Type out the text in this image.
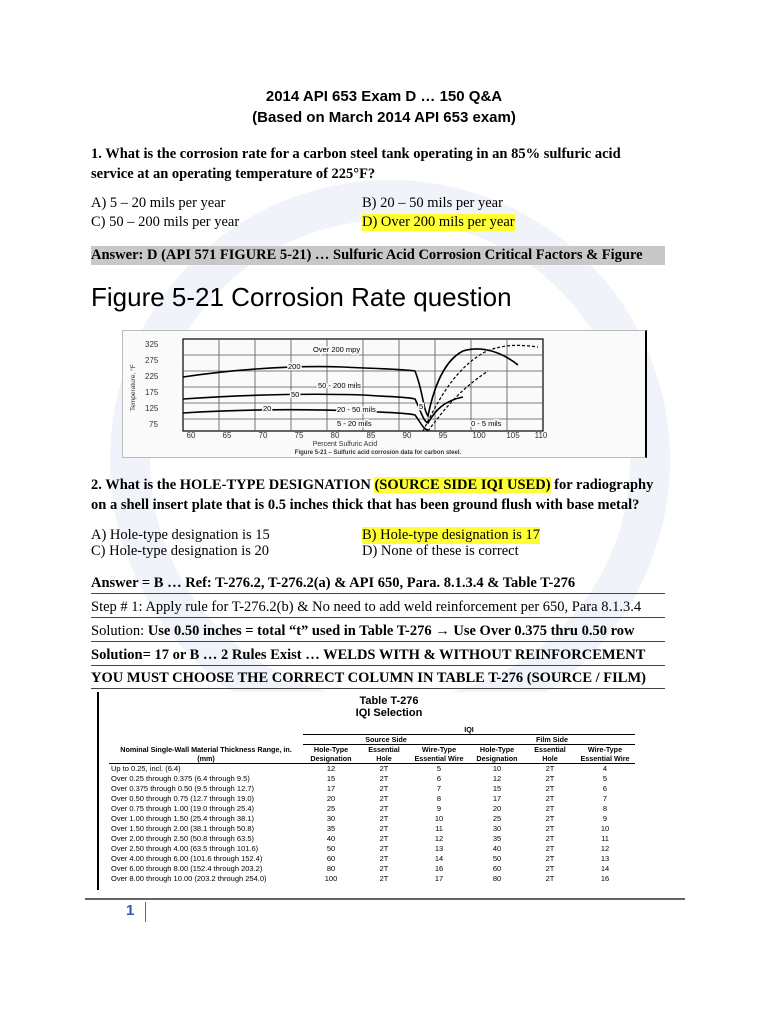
2014 API 653 Exam D … 150 Q&A
(Based on March 2014 API 653 exam)
1. What is the corrosion rate for a carbon steel tank operating in an 85% sulfuric acid
service at an operating temperature of 225°F?
A) 5 – 20 mils per year	B) 20 – 50 mils per year
C) 50 – 200 mils per year	D) Over 200 mils per year
Answer: D (API 571 FIGURE 5-21) … Sulfuric Acid Corrosion Critical Factors & Figure
Figure 5-21 Corrosion Rate question
325
275
225
175
125
75
Temperature, °F
Over 200 mpy
200
50 - 200 mils
50
20	20 - 50 mils
5 - 20 mils	0 - 5 mils
5
60	65	70	75	80	85	90	95	100	105 110
Percent Sulfuric Acid
Figure 5-21 – Sulfuric acid corrosion data for carbon steel.
2. What is the HOLE-TYPE DESIGNATION (SOURCE SIDE IQI USED) for radiography
on a shell insert plate that is 0.5 inches thick that has been ground flush with base metal?
A) Hole-type designation is 15	B) Hole-type designation is 17
C) Hole-type designation is 20	D) None of these is correct
Answer = B … Ref: T-276.2, T-276.2(a) & API 650, Para. 8.1.3.4 & Table T-276
Step # 1: Apply rule for T-276.2(b) & No need to add weld reinforcement per 650, Para 8.1.3.4
Solution: Use 0.50 inches = total “t” used in Table T-276 → Use Over 0.375 thru 0.50 row
Solution= 17 or B … 2 Rules Exist … WELDS WITH & WITHOUT REINFORCEMENT
YOU MUST CHOOSE THE CORRECT COLUMN IN TABLE T-276 (SOURCE / FILM)
Table T-276
IQI Selection
	IQI					
	Source Side			Film Side		
Nominal Single-Wall Material Thickness Range, in. (mm)	Hole-Type Designation	Essential Hole	Wire-Type Essential Wire	Hole-Type Designation	Essential Hole	Wire-Type Essential Wire
Up to 0.25, incl. (6.4)	12	2T	5	10	2T	4
Over 0.25 through 0.375 (6.4 through 9.5)	15	2T	6	12	2T	5
Over 0.375 through 0.50 (9.5 through 12.7)	17	2T	7	15	2T	6
Over 0.50 through 0.75 (12.7 through 19.0)	20	2T	8	17	2T	7
Over 0.75 through 1.00 (19.0 through 25.4)	25	2T	9	20	2T	8
Over 1.00 through 1.50 (25.4 through 38.1)	30	2T	10	25	2T	9
Over 1.50 through 2.00 (38.1 through 50.8)	35	2T	11	30	2T	10
Over 2.00 through 2.50 (50.8 through 63.5)	40	2T	12	35	2T	11
Over 2.50 through 4.00 (63.5 through 101.6)	50	2T	13	40	2T	12
Over 4.00 through 6.00 (101.6 through 152.4)	60	2T	14	50	2T	13
Over 6.00 through 8.00 (152.4 through 203.2)	80	2T	16	60	2T	14
Over 8.00 through 10.00 (203.2 through 254.0)	100	2T	17	80	2T	16
1
